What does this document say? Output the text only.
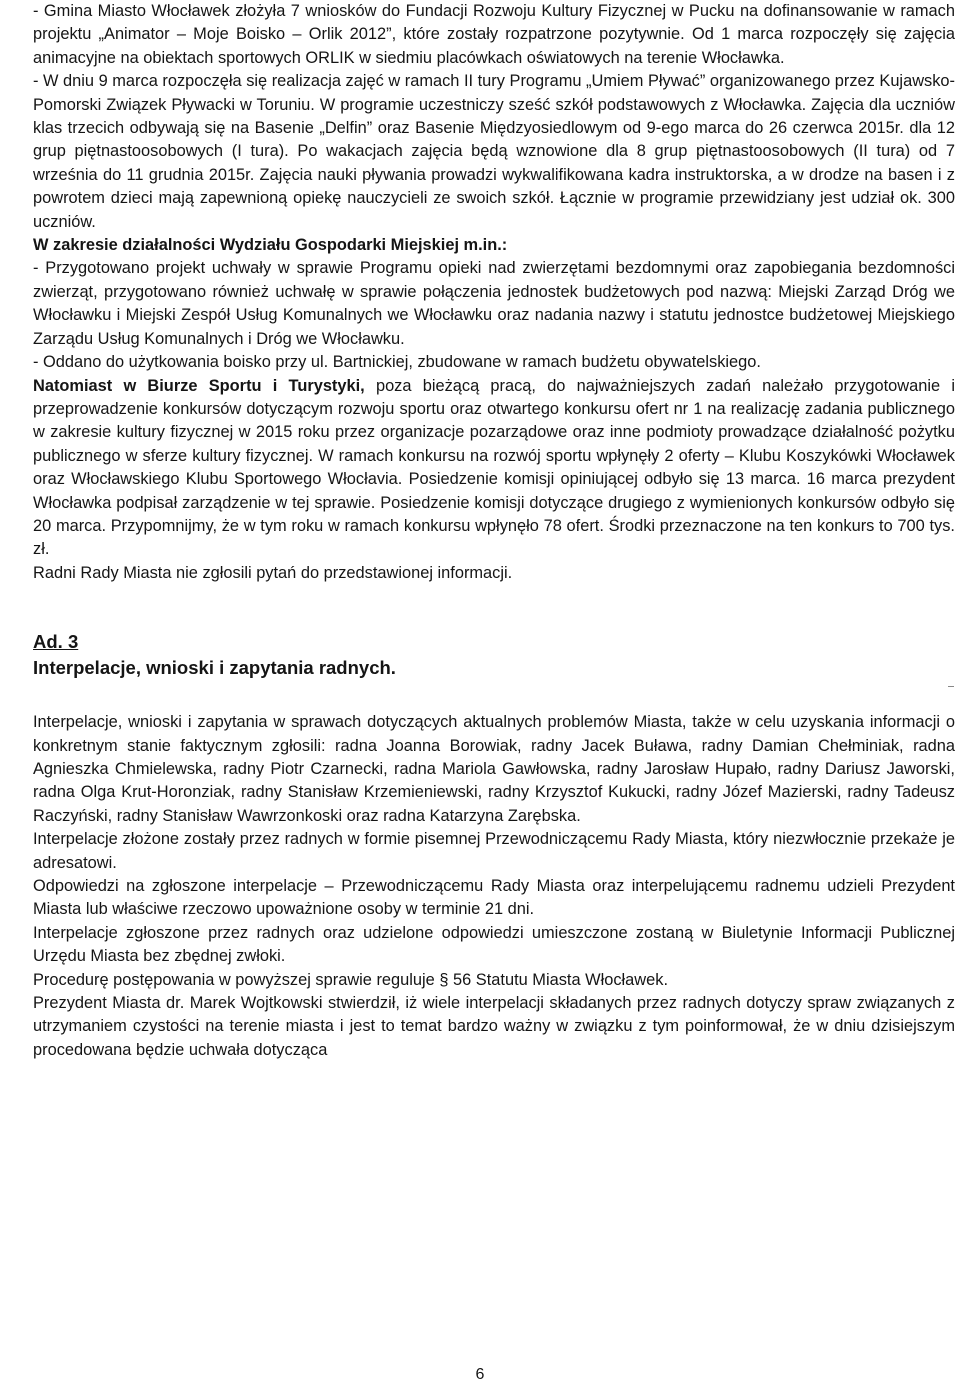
- Gmina Miasto Włocławek złożyła 7 wniosków do Fundacji Rozwoju Kultury Fizycznej w Pucku na dofinansowanie w ramach projektu „Animator – Moje Boisko – Orlik 2012”, które zostały rozpatrzone pozytywnie. Od 1 marca rozpoczęły się zajęcia animacyjne na obiektach sportowych ORLIK w siedmiu placówkach oświatowych na terenie Włocławka.

- W dniu 9 marca rozpoczęła się realizacja zajęć w ramach II tury Programu „Umiem Pływać” organizowanego przez Kujawsko-Pomorski Związek Pływacki w Toruniu. W programie uczestniczy sześć szkół podstawowych z Włocławka. Zajęcia dla uczniów klas trzecich odbywają się na Basenie „Delfin” oraz Basenie Międzyosiedlowym od 9-ego marca do 26 czerwca 2015r. dla 12 grup piętnastoosobowych (I tura). Po wakacjach zajęcia będą wznowione dla 8 grup piętnastoosobowych (II tura) od 7 września do 11 grudnia 2015r. Zajęcia nauki pływania prowadzi wykwalifikowana kadra instruktorska, a w drodze na basen i z powrotem dzieci mają zapewnioną opiekę nauczycieli ze swoich szkół. Łącznie w programie przewidziany jest udział ok. 300 uczniów.

W zakresie działalności Wydziału Gospodarki Miejskiej m.in.:

- Przygotowano projekt uchwały w sprawie Programu opieki nad zwierzętami bezdomnymi oraz zapobiegania bezdomności zwierząt, przygotowano również uchwałę w sprawie połączenia jednostek budżetowych pod nazwą: Miejski Zarząd Dróg we Włocławku i Miejski Zespół Usług Komunalnych we Włocławku oraz nadania nazwy i statutu jednostce budżetowej Miejskiego Zarządu Usług Komunalnych i Dróg we Włocławku.

- Oddano do użytkowania boisko przy ul. Bartnickiej, zbudowane w ramach budżetu obywatelskiego.

Natomiast w Biurze Sportu i Turystyki, poza bieżącą pracą, do najważniejszych zadań należało przygotowanie i przeprowadzenie konkursów dotyczącym rozwoju sportu oraz otwartego konkursu ofert nr 1 na realizację zadania publicznego w zakresie kultury fizycznej w 2015 roku przez organizacje pozarządowe oraz inne podmioty prowadzące działalność pożytku publicznego w sferze kultury fizycznej. W ramach konkursu na rozwój sportu wpłynęły 2 oferty – Klubu Koszykówki Włocławek oraz Włocławskiego Klubu Sportowego Włocłavia. Posiedzenie komisji opiniującej odbyło się 13 marca. 16 marca prezydent Włocławka podpisał zarządzenie w tej sprawie. Posiedzenie komisji dotyczące drugiego z wymienionych konkursów odbyło się 20 marca. Przypomnijmy, że w tym roku w ramach konkursu wpłynęło 78 ofert. Środki przeznaczone na ten konkurs to 700 tys. zł.

Radni Rady Miasta nie zgłosili pytań do przedstawionej informacji.

Ad. 3

Interpelacje, wnioski i zapytania radnych.

Interpelacje, wnioski i zapytania w sprawach dotyczących aktualnych problemów Miasta, także w celu uzyskania informacji o konkretnym stanie faktycznym zgłosili: radna Joanna Borowiak, radny Jacek Buława, radny Damian Chełminiak, radna Agnieszka Chmielewska, radny Piotr Czarnecki, radna Mariola Gawłowska, radny Jarosław Hupało, radny Dariusz Jaworski, radna Olga Krut-Horonziak, radny Stanisław Krzemieniewski, radny Krzysztof Kukucki, radny Józef Mazierski, radny Tadeusz Raczyński, radny Stanisław Wawrzonkoski oraz radna Katarzyna Zarębska.

Interpelacje złożone zostały przez radnych w formie pisemnej Przewodniczącemu Rady Miasta, który niezwłocznie przekaże je adresatowi.

Odpowiedzi na zgłoszone interpelacje – Przewodniczącemu Rady Miasta oraz interpelującemu radnemu udzieli Prezydent Miasta lub właściwe rzeczowo upoważnione osoby w terminie 21 dni.

Interpelacje zgłoszone przez radnych oraz udzielone odpowiedzi umieszczone zostaną w Biuletynie Informacji Publicznej Urzędu Miasta bez zbędnej zwłoki.

Procedurę postępowania w powyższej sprawie reguluje § 56 Statutu Miasta Włocławek.

Prezydent Miasta dr. Marek Wojtkowski stwierdził, iż wiele interpelacji składanych przez radnych dotyczy spraw związanych z utrzymaniem czystości na terenie miasta i jest to temat bardzo ważny w związku z tym poinformował, że w dniu dzisiejszym procedowana będzie uchwała dotycząca

6
